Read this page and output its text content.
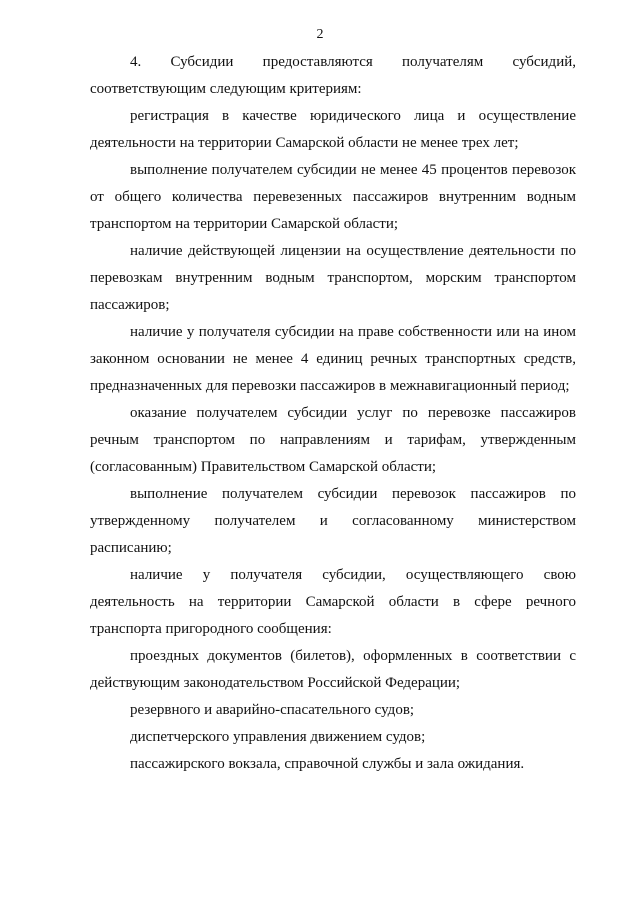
2

4. Субсидии предоставляются получателям субсидий, соответствующим следующим критериям:

регистрация в качестве юридического лица и осуществление деятельности на территории Самарской области не менее трех лет;

выполнение получателем субсидии не менее 45 процентов перевозок от общего количества перевезенных пассажиров внутренним водным транспортом на территории Самарской области;

наличие действующей лицензии на осуществление деятельности по перевозкам внутренним водным транспортом, морским транспортом пассажиров;

наличие у получателя субсидии на праве собственности или на ином законном основании не менее 4 единиц речных транспортных средств, предназначенных для перевозки пассажиров в межнавигационный период;

оказание получателем субсидии услуг по перевозке пассажиров речным транспортом по направлениям и тарифам, утвержденным (согласованным) Правительством Самарской области;

выполнение получателем субсидии перевозок пассажиров по утвержденному получателем и согласованному министерством расписанию;

наличие у получателя субсидии, осуществляющего свою деятельность на территории Самарской области в сфере речного транспорта пригородного сообщения:

проездных документов (билетов), оформленных в соответствии с действующим законодательством Российской Федерации;

резервного и аварийно-спасательного судов;

диспетчерского управления движением судов;

пассажирского вокзала, справочной службы и зала ожидания.
